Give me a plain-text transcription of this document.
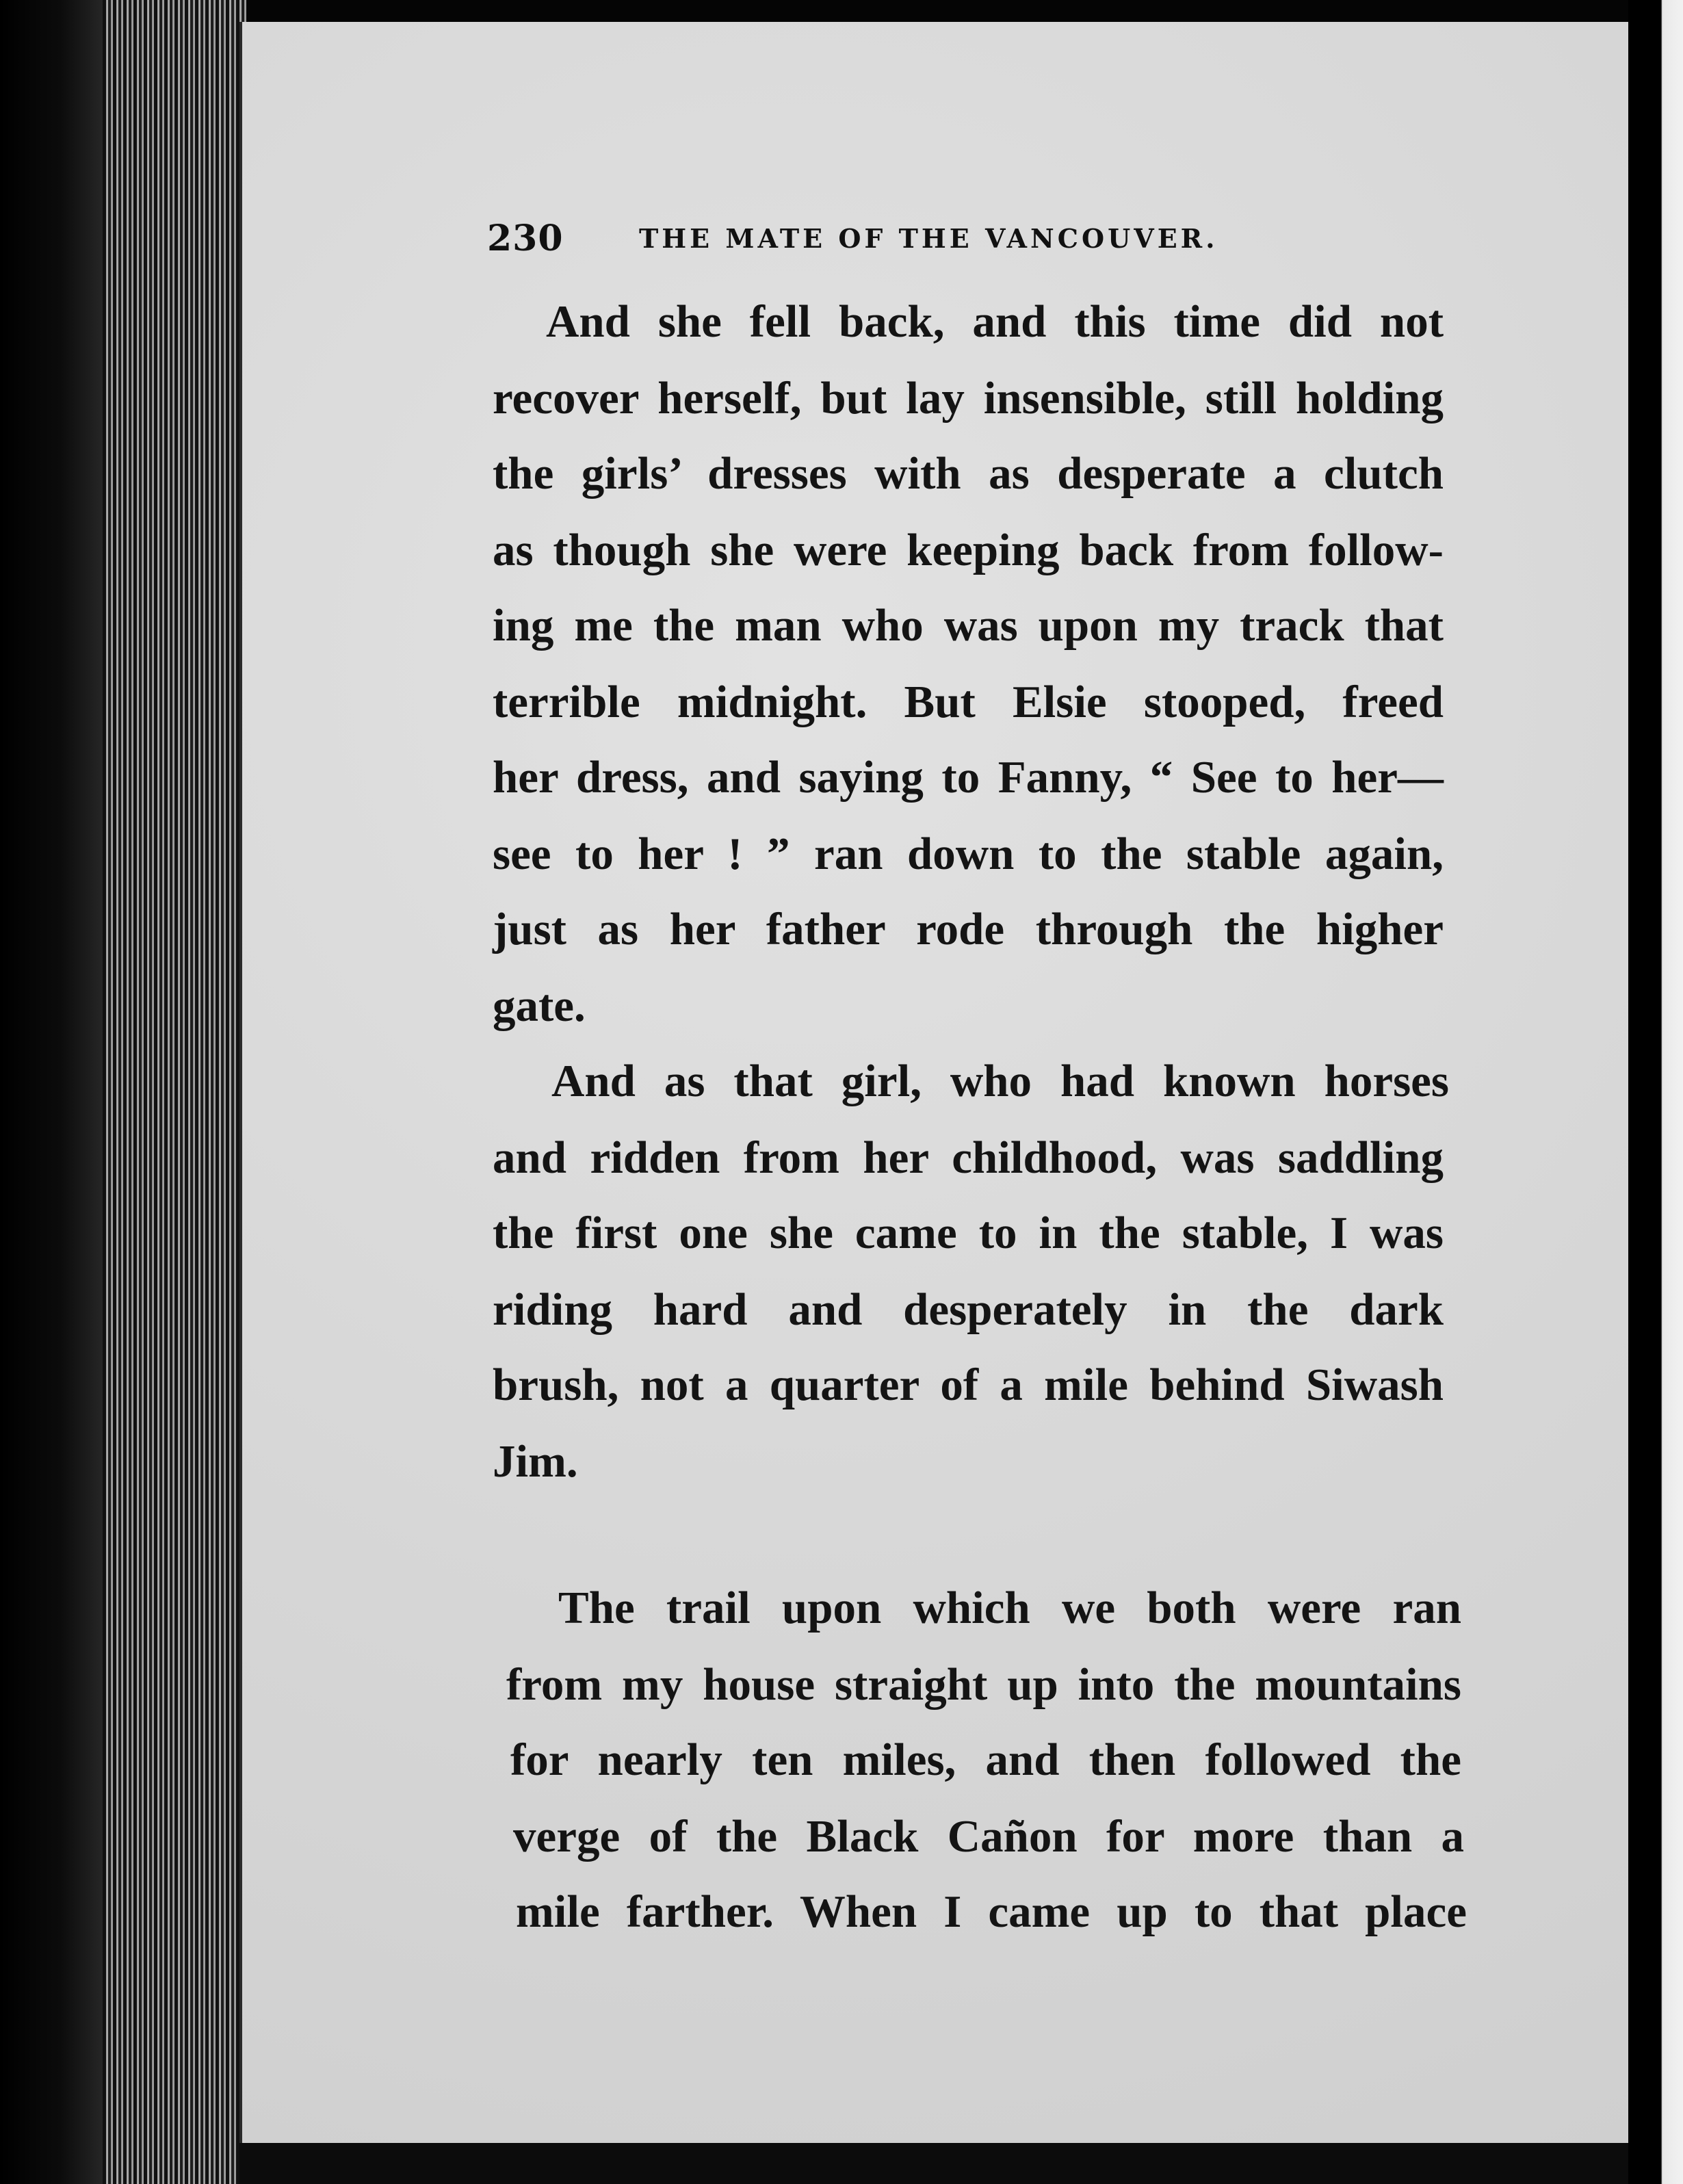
230	THE MATE OF THE VANCOUVER.
And she fell back, and this time did not
recover herself, but lay insensible, still holding
the girls’ dresses with as desperate a clutch
as though she were keeping back from follow-
ing me the man who was upon my track that
terrible midnight. But Elsie stooped, freed
her dress, and saying to Fanny, “ See to her—
see to her ! ” ran down to the stable again,
just as her father rode through the higher
gate.
And as that girl, who had known horses
and ridden from her childhood, was saddling
the first one she came to in the stable, I was
riding hard and desperately in the dark
brush, not a quarter of a mile behind Siwash
Jim.
The trail upon which we both were ran
from my house straight up into the mountains
for nearly ten miles, and then followed the
verge of the Black Cañon for more than a
mile farther. When I came up to that place
